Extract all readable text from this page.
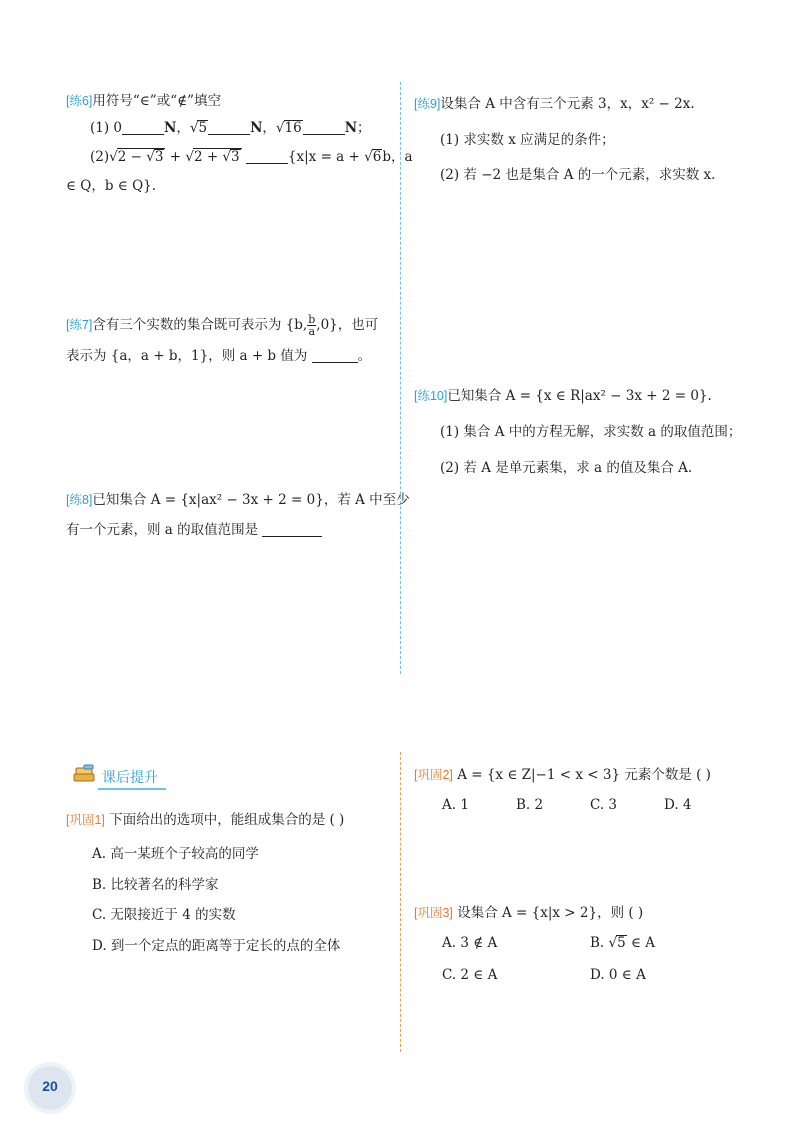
[练6]用符号“∈”或“∉”填空
(1) 0	N，√5	N，√16	N；
(2)√2 − √3 + √2 + √3	{x|x = a + √6b，a
∈ Q，b ∈ Q}.
[练7]含有三个实数的集合既可表示为 {b, $\frac{b}{a} ,0$}，也可
表示为 {a，a + b，1}，则 a + b 值为	。
[练8]已知集合 A = {x|ax² − 3x + 2 = 0}，若 A 中至少
有一个元素，则 a 的取值范围是
[练9]设集合 A 中含有三个元素 3，x，x² − 2x.
(1) 求实数 x 应满足的条件；
(2) 若 −2 也是集合 A 的一个元素，求实数 x.
[练10]已知集合 A = {x ∈ R|ax² − 3x + 2 = 0}.
(1) 集合 A 中的方程无解，求实数 a 的取值范围；
(2) 若 A 是单元素集，求 a 的值及集合 A.
课后提升
[巩固1] 下面给出的选项中，能组成集合的是 ( )
A. 高一某班个子较高的同学
B. 比较著名的科学家
C. 无限接近于 4 的实数
D. 到一个定点的距离等于定长的点的全体
[巩固2] A = {x ∈ Z|−1 < x < 3} 元素个数是 ( )
A. 1	B. 2	C. 3	D. 4
[巩固3] 设集合 A = {x|x > 2}，则 ( )
A. 3 ∉ A	B. √5 ∈ A
C. 2 ∈ A	D. 0 ∈ A
20
